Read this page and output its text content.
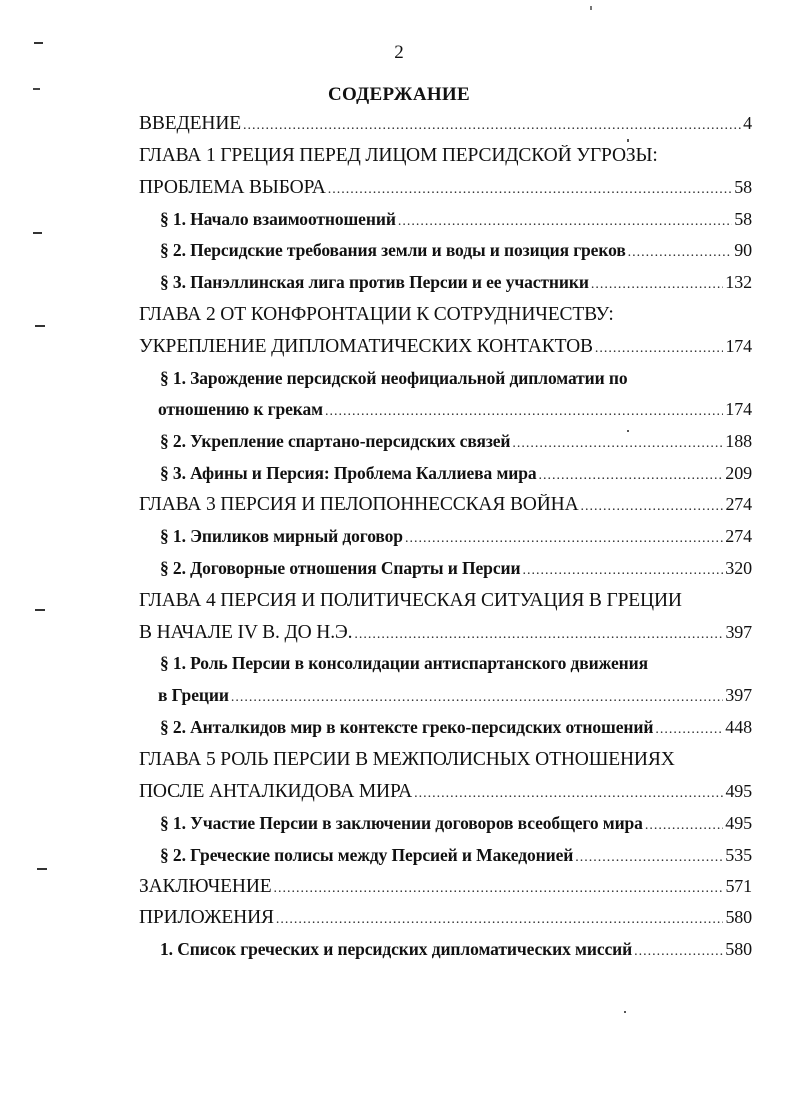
2
СОДЕРЖАНИЕ
ВВЕДЕНИЕ .....	4
ГЛАВА 1 ГРЕЦИЯ ПЕРЕД ЛИЦОМ ПЕРСИДСКОЙ УГРОЗЫ:
ПРОБЛЕМА ВЫБОРА .....	58
§ 1. Начало взаимоотношений .....	58
§ 2. Персидские требования земли и воды и позиция греков .....	90
§ 3. Панэллинская лига против Персии и ее участники .....	132
ГЛАВА 2 ОТ КОНФРОНТАЦИИ К СОТРУДНИЧЕСТВУ:
УКРЕПЛЕНИЕ ДИПЛОМАТИЧЕСКИХ КОНТАКТОВ .....	174
§ 1. Зарождение персидской неофициальной дипломатии по
отношению к грекам .....	174
§ 2. Укрепление спартано-персидских связей .....	188
§ 3. Афины и Персия: Проблема Каллиева мира .....	209
ГЛАВА 3 ПЕРСИЯ И ПЕЛОПОННЕССКАЯ ВОЙНА .....	274
§ 1. Эпиликов мирный договор .....	274
§ 2. Договорные отношения Спарты и Персии .....	320
ГЛАВА 4 ПЕРСИЯ И ПОЛИТИЧЕСКАЯ СИТУАЦИЯ В ГРЕЦИИ
В НАЧАЛЕ IV В. ДО Н.Э. .....	397
§ 1. Роль Персии в консолидации антиспартанского движения
в Греции .....	397
§ 2. Анталкидов мир в контексте греко-персидских отношений .....	448
ГЛАВА 5 РОЛЬ ПЕРСИИ В МЕЖПОЛИСНЫХ ОТНОШЕНИЯХ
ПОСЛЕ АНТАЛКИДОВА МИРА .....	495
§ 1. Участие Персии в заключении договоров всеобщего мира .....	495
§ 2. Греческие полисы между Персией и Македонией .....	535
ЗАКЛЮЧЕНИЕ .....	571
ПРИЛОЖЕНИЯ .....	580
1. Список греческих и персидских дипломатических миссий .....	580
